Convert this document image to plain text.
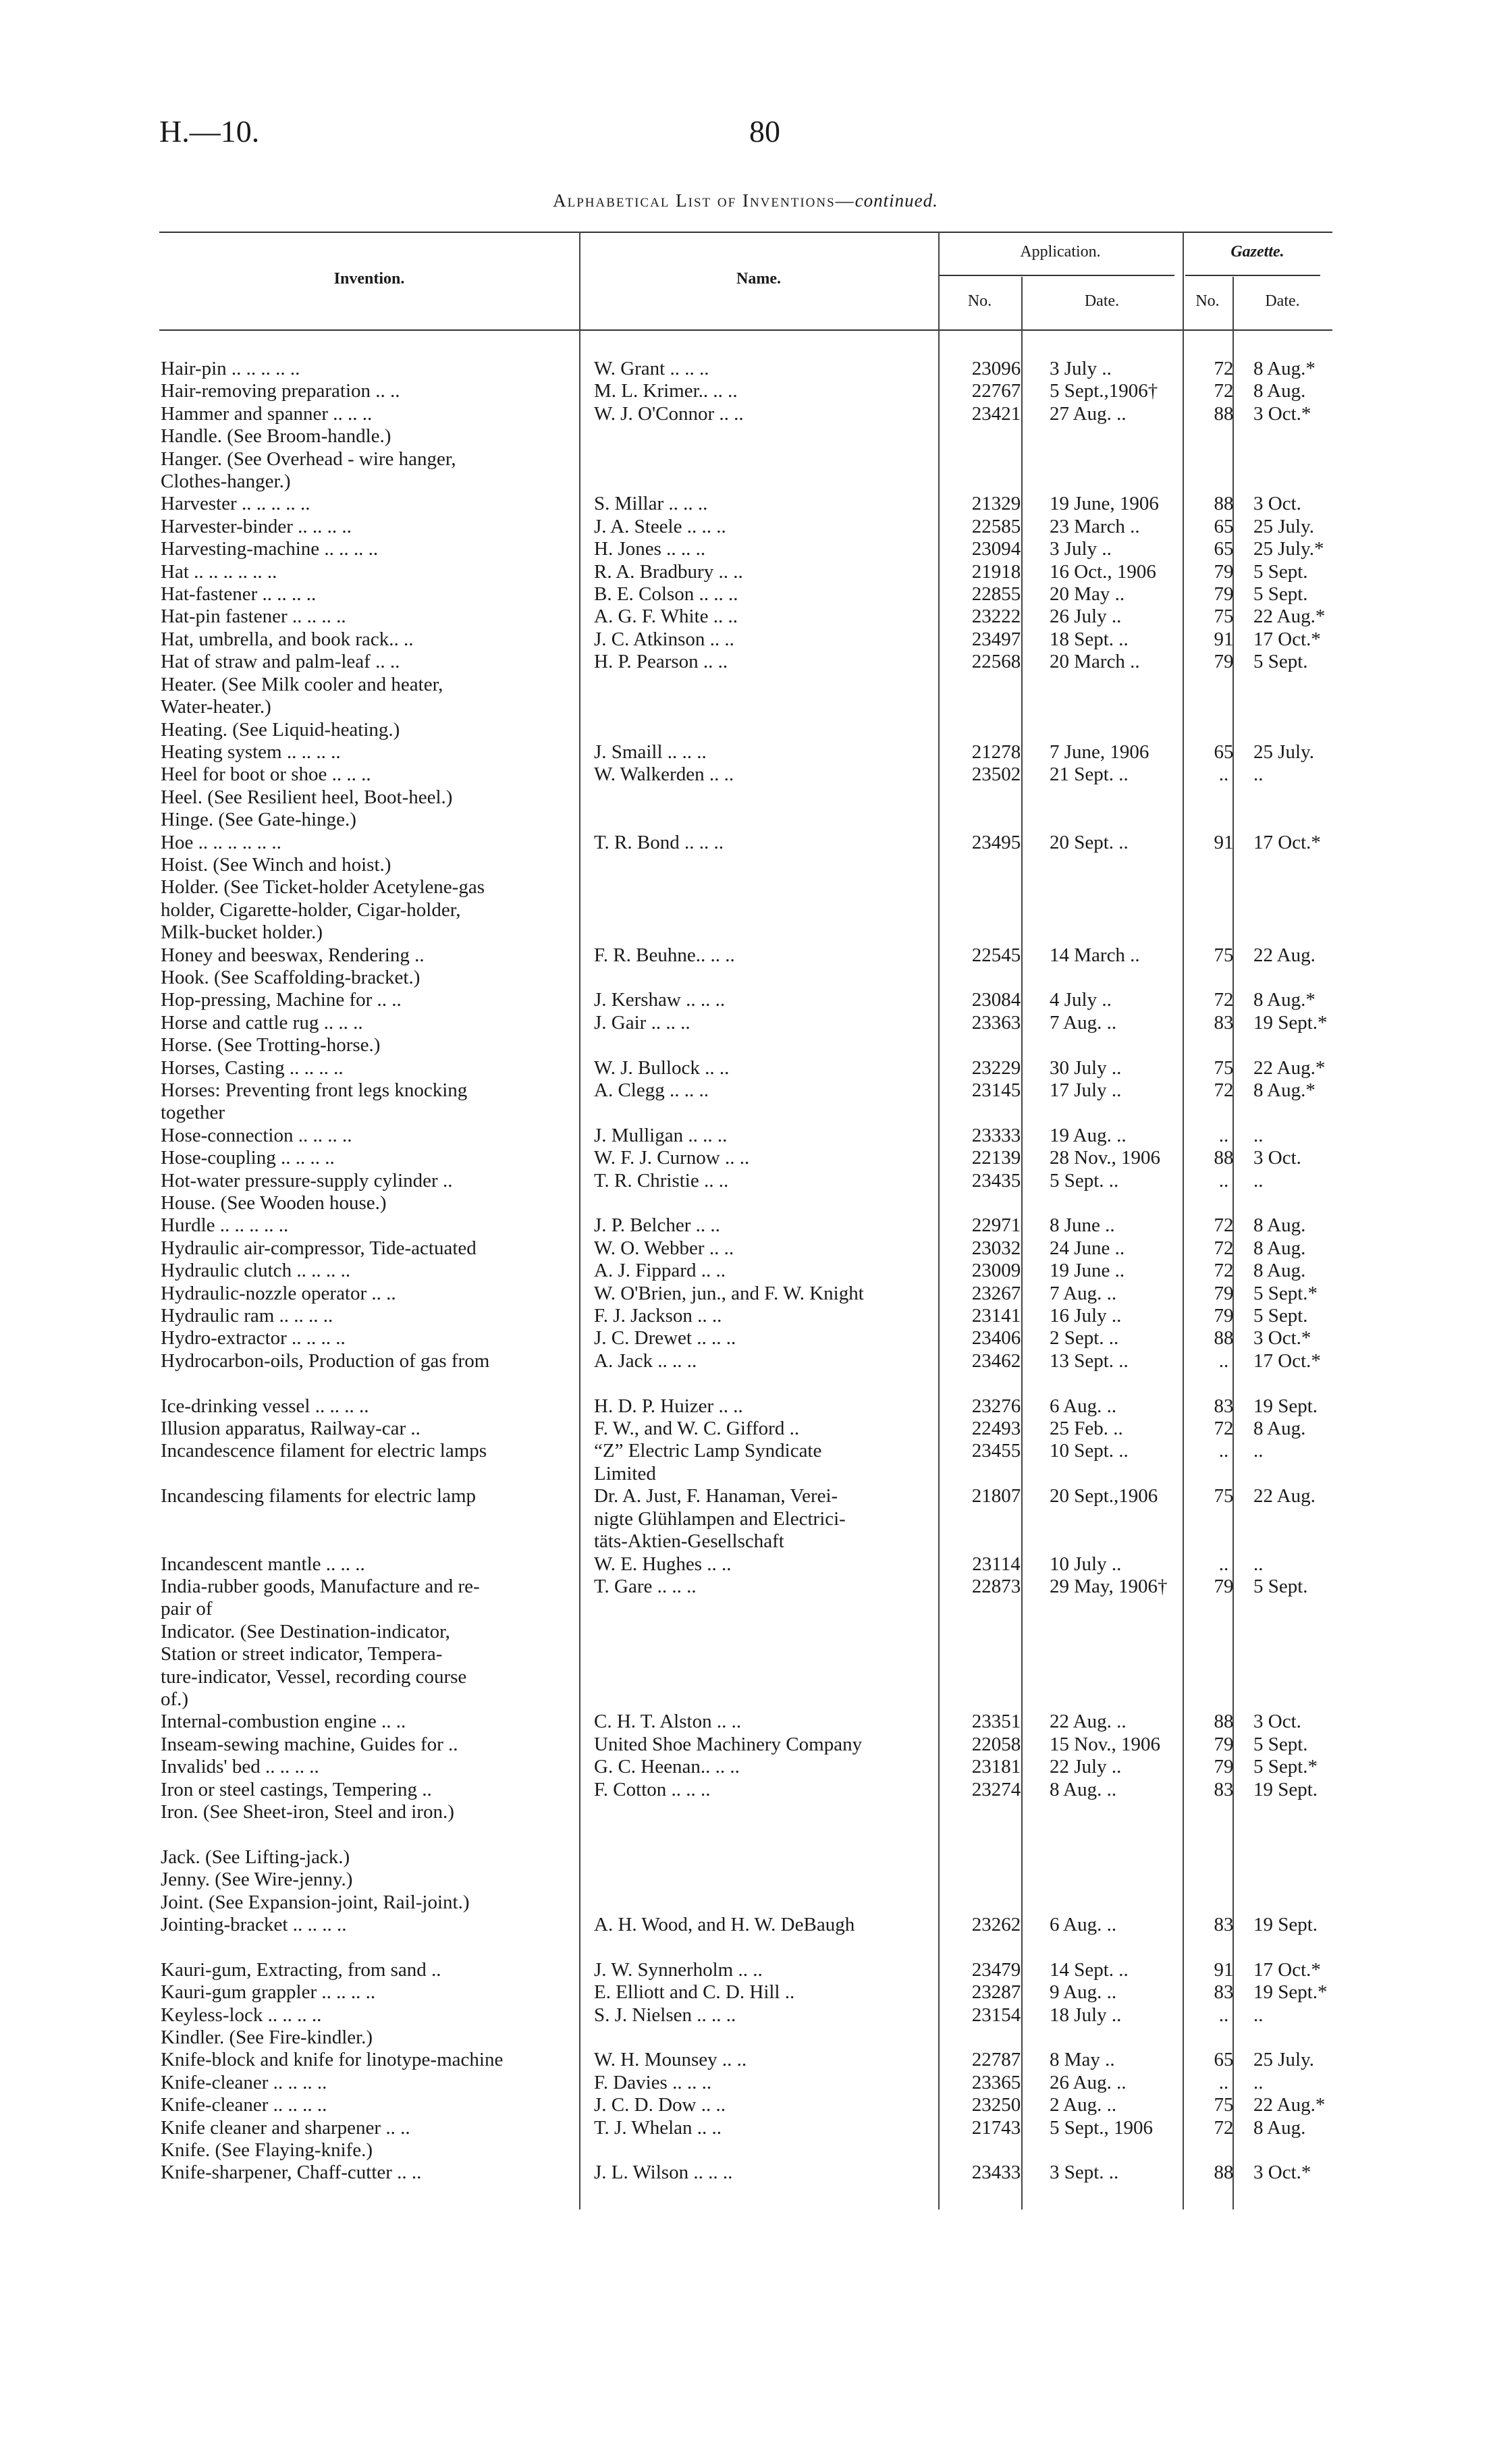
H.—10.	80
Alphabetical List of Inventions—continued.
Invention.	Name.
Application.	Gazette.
No.	Date.	No.	Date.
Hair-pin .. .. .. .. ..	W. Grant .. .. ..	23096	3 July ..	72	8 Aug.*
Hair-removing preparation .. ..	M. L. Krimer.. .. ..	22767	5 Sept.,1906†	72	8 Aug.
Hammer and spanner .. .. ..	W. J. O'Connor .. ..	23421	27 Aug. ..	88	3 Oct.*
Handle. (See Broom-handle.)					
Hanger. (See Overhead - wire hanger,					
Clothes-hanger.)					
Harvester .. .. .. .. ..	S. Millar .. .. ..	21329	19 June, 1906	88	3 Oct.
Harvester-binder .. .. .. ..	J. A. Steele .. .. ..	22585	23 March ..	65	25 July.
Harvesting-machine .. .. .. ..	H. Jones .. .. ..	23094	3 July ..	65	25 July.*
Hat .. .. .. .. .. ..	R. A. Bradbury .. ..	21918	16 Oct., 1906	79	5 Sept.
Hat-fastener .. .. .. ..	B. E. Colson .. .. ..	22855	20 May ..	79	5 Sept.
Hat-pin fastener .. .. .. ..	A. G. F. White .. ..	23222	26 July ..	75	22 Aug.*
Hat, umbrella, and book rack.. ..	J. C. Atkinson .. ..	23497	18 Sept. ..	91	17 Oct.*
Hat of straw and palm-leaf .. ..	H. P. Pearson .. ..	22568	20 March ..	79	5 Sept.
Heater. (See Milk cooler and heater,					
Water-heater.)					
Heating. (See Liquid-heating.)					
Heating system .. .. .. ..	J. Smaill .. .. ..	21278	7 June, 1906	65	25 July.
Heel for boot or shoe .. .. ..	W. Walkerden .. ..	23502	21 Sept. ..	..	..
Heel. (See Resilient heel, Boot-heel.)					
Hinge. (See Gate-hinge.)					
Hoe .. .. .. .. .. ..	T. R. Bond .. .. ..	23495	20 Sept. ..	91	17 Oct.*
Hoist. (See Winch and hoist.)					
Holder. (See Ticket-holder Acetylene-gas					
holder, Cigarette-holder, Cigar-holder,					
Milk-bucket holder.)					
Honey and beeswax, Rendering ..	F. R. Beuhne.. .. ..	22545	14 March ..	75	22 Aug.
Hook. (See Scaffolding-bracket.)					
Hop-pressing, Machine for .. ..	J. Kershaw .. .. ..	23084	4 July ..	72	8 Aug.*
Horse and cattle rug .. .. ..	J. Gair .. .. ..	23363	7 Aug. ..	83	19 Sept.*
Horse. (See Trotting-horse.)					
Horses, Casting .. .. .. ..	W. J. Bullock .. ..	23229	30 July ..	75	22 Aug.*
Horses: Preventing front legs knocking	A. Clegg .. .. ..	23145	17 July ..	72	8 Aug.*
together					
Hose-connection .. .. .. ..	J. Mulligan .. .. ..	23333	19 Aug. ..	..	..
Hose-coupling .. .. .. ..	W. F. J. Curnow .. ..	22139	28 Nov., 1906	88	3 Oct.
Hot-water pressure-supply cylinder ..	T. R. Christie .. ..	23435	5 Sept. ..	..	..
House. (See Wooden house.)					
Hurdle .. .. .. .. ..	J. P. Belcher .. ..	22971	8 June ..	72	8 Aug.
Hydraulic air-compressor, Tide-actuated	W. O. Webber .. ..	23032	24 June ..	72	8 Aug.
Hydraulic clutch .. .. .. ..	A. J. Fippard .. ..	23009	19 June ..	72	8 Aug.
Hydraulic-nozzle operator .. ..	W. O'Brien, jun., and F. W. Knight	23267	7 Aug. ..	79	5 Sept.*
Hydraulic ram .. .. .. ..	F. J. Jackson .. ..	23141	16 July ..	79	5 Sept.
Hydro-extractor .. .. .. ..	J. C. Drewet .. .. ..	23406	2 Sept. ..	88	3 Oct.*
Hydrocarbon-oils, Production of gas from	A. Jack .. .. ..	23462	13 Sept. ..	..	17 Oct.*

Ice-drinking vessel .. .. .. ..	H. D. P. Huizer .. ..	23276	6 Aug. ..	83	19 Sept.
Illusion apparatus, Railway-car ..	F. W., and W. C. Gifford ..	22493	25 Feb. ..	72	8 Aug.
Incandescence filament for electric lamps	“Z” Electric Lamp Syndicate	23455	10 Sept. ..	..	..
	Limited				
Incandescing filaments for electric lamp	Dr. A. Just, F. Hanaman, Verei-	21807	20 Sept.,1906	75	22 Aug.
	nigte Glühlampen and Electrici-				
	täts-Aktien-Gesellschaft				
Incandescent mantle .. .. ..	W. E. Hughes .. ..	23114	10 July ..	..	..
India-rubber goods, Manufacture and re-	T. Gare .. .. ..	22873	29 May, 1906†	79	5 Sept.
pair of					
Indicator. (See Destination-indicator,					
Station or street indicator, Tempera-					
ture-indicator, Vessel, recording course					
of.)					
Internal-combustion engine .. ..	C. H. T. Alston .. ..	23351	22 Aug. ..	88	3 Oct.
Inseam-sewing machine, Guides for ..	United Shoe Machinery Company	22058	15 Nov., 1906	79	5 Sept.
Invalids' bed .. .. .. ..	G. C. Heenan.. .. ..	23181	22 July ..	79	5 Sept.*
Iron or steel castings, Tempering ..	F. Cotton .. .. ..	23274	8 Aug. ..	83	19 Sept.
Iron. (See Sheet-iron, Steel and iron.)					

Jack. (See Lifting-jack.)					
Jenny. (See Wire-jenny.)					
Joint. (See Expansion-joint, Rail-joint.)					
Jointing-bracket .. .. .. ..	A. H. Wood, and H. W. DeBaugh	23262	6 Aug. ..	83	19 Sept.

Kauri-gum, Extracting, from sand ..	J. W. Synnerholm .. ..	23479	14 Sept. ..	91	17 Oct.*
Kauri-gum grappler .. .. .. ..	E. Elliott and C. D. Hill ..	23287	9 Aug. ..	83	19 Sept.*
Keyless-lock .. .. .. ..	S. J. Nielsen .. .. ..	23154	18 July ..	..	..
Kindler. (See Fire-kindler.)					
Knife-block and knife for linotype-machine	W. H. Mounsey .. ..	22787	8 May ..	65	25 July.
Knife-cleaner .. .. .. ..	F. Davies .. .. ..	23365	26 Aug. ..	..	..
Knife-cleaner .. .. .. ..	J. C. D. Dow .. ..	23250	2 Aug. ..	75	22 Aug.*
Knife cleaner and sharpener .. ..	T. J. Whelan .. ..	21743	5 Sept., 1906	72	8 Aug.
Knife. (See Flaying-knife.)					
Knife-sharpener, Chaff-cutter .. ..	J. L. Wilson .. .. ..	23433	3 Sept. ..	88	3 Oct.*
